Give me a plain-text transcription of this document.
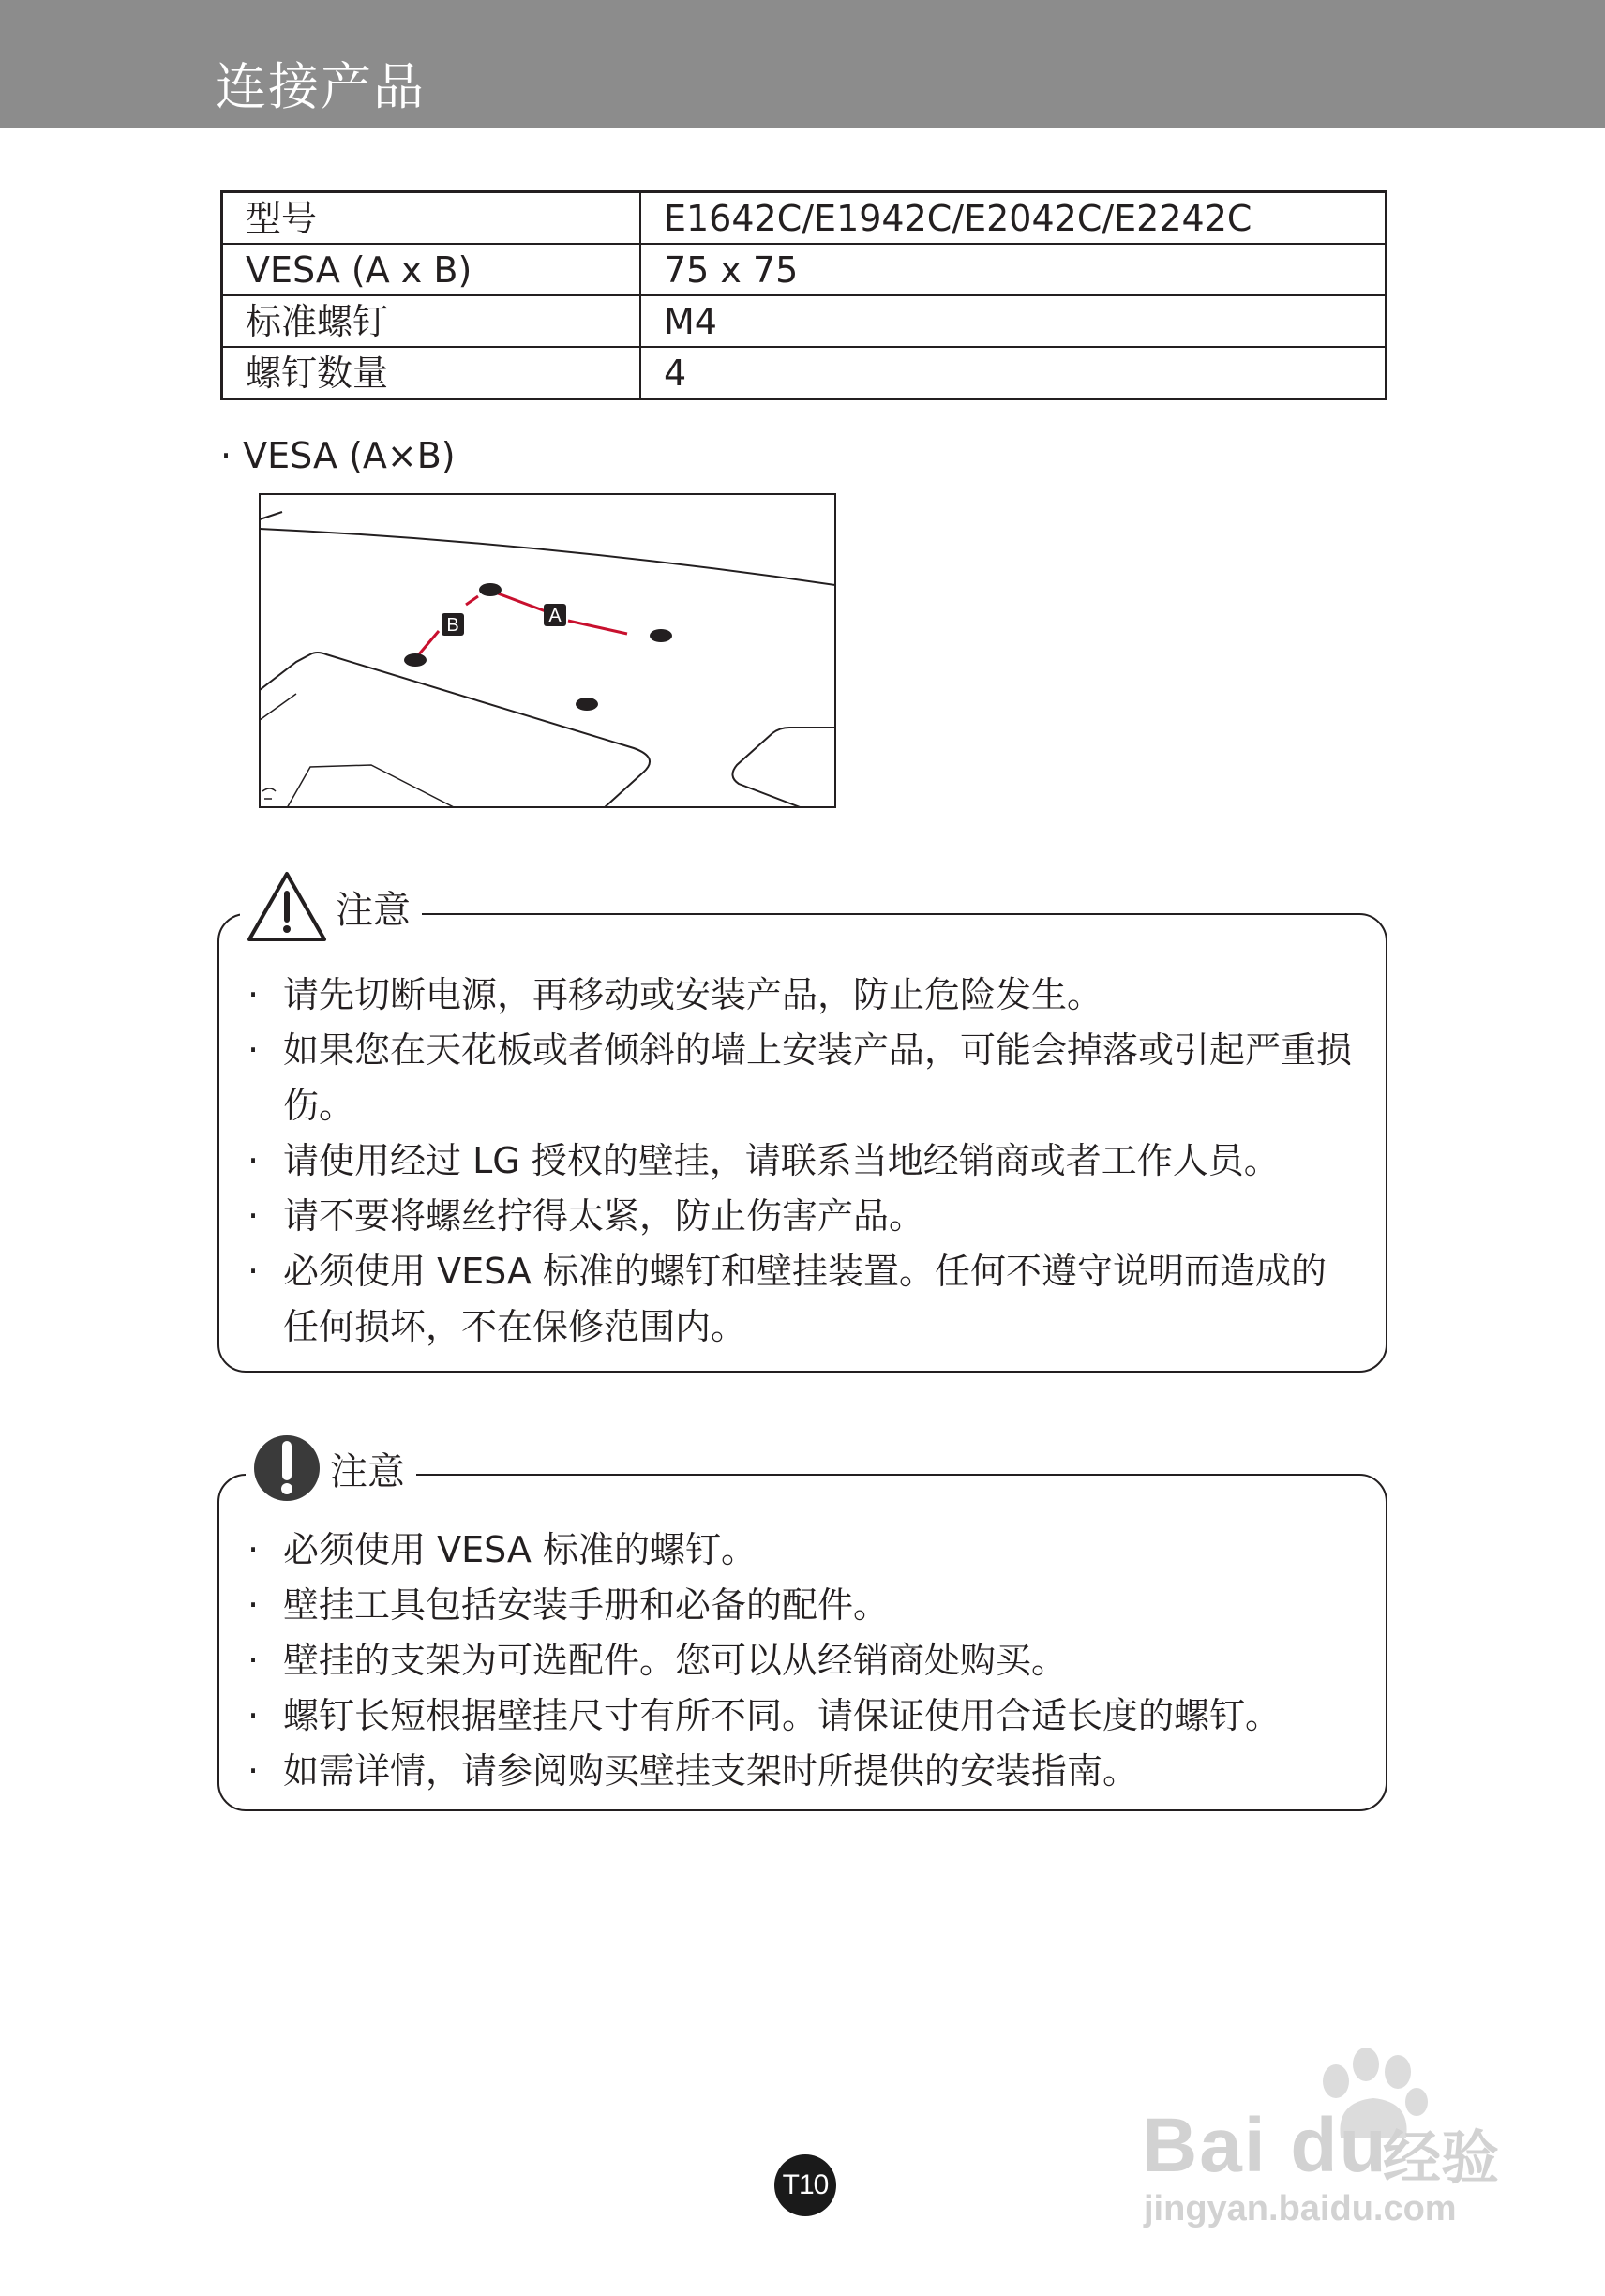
连接产品
型号	E1642C/E1942C/E2042C/E2242C
VESA (A x B)	75 x 75
标准螺钉	M4
螺钉数量	4
· VESA (A×B)
A
B
· 请先切断电源，再移动或安装产品，防止危险发生。
· 如果您在天花板或者倾斜的墙上安装产品，可能会掉落或引起严重损伤。
· 请使用经过 LG 授权的壁挂，请联系当地经销商或者工作人员。
· 请不要将螺丝拧得太紧，防止伤害产品。
· 必须使用 VESA 标准的螺钉和壁挂装置。任何不遵守说明而造成的任何损坏，不在保修范围内。
注意
· 必须使用 VESA 标准的螺钉。
· 壁挂工具包括安装手册和必备的配件。
· 壁挂的支架为可选配件。您可以从经销商处购买。
· 螺钉长短根据壁挂尺寸有所不同。请保证使用合适长度的螺钉。
· 如需详情，请参阅购买壁挂支架时所提供的安装指南。
注意
T10	Bai du
经验
jingyan.baidu.com
